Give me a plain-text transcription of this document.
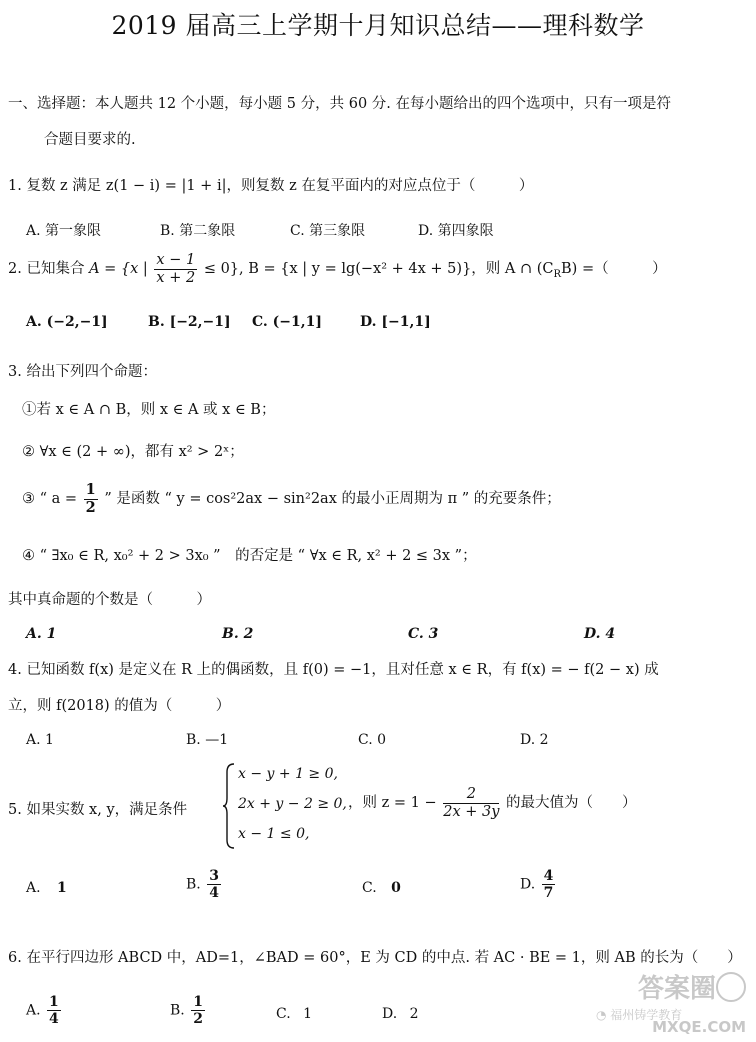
2019 届高三上学期十月知识总结——理科数学
一、选择题：本人题共 12 个小题，每小题 5 分，共 60 分. 在每小题给出的四个选项中，只有一项是符
合题目要求的.
1. 复数 z 满足 z(1 − i) = |1 + i|，则复数 z 在复平面内的对应点位于（　　　）
A. 第一象限	B. 第二象限	C. 第三象限	D. 第四象限
2. 已知集合 A = {x | $\frac{x - 1}{x + 2} \le 0$}, B = {x | y = lg(−x² + 4x + 5)}，则 A ∩ $(C_RB)$ =（　　　）
A. (−2,−1]	B. [−2,−1] C. (−1,1]	D. [−1,1]
3. 给出下列四个命题：
①若 x ∈ A ∩ B，则 x ∈ A 或 x ∈ B；
② ∀x ∈ (2 + ∞)，都有 x² > 2ˣ；
③ “ $a = \frac{1}{2}$ ” 是函数 “ y = cos²2ax − sin²2ax 的最小正周期为 π ” 的充要条件；
④ “ ∃x₀ ∈ R, x₀² + 2 > 3x₀ ”　的否定是 “ ∀x ∈ R, x² + 2 ≤ 3x ”；
其中真命题的个数是（　　　）
A. 1	B. 2	C. 3	D. 4
4. 已知函数 f(x) 是定义在 R 上的偶函数，且 f(0) = −1，且对任意 x ∈ R，有 f(x) = − f(2 − x) 成
立，则 f(2018) 的值为（　　　）
A. 1	B. —1	C. 0	D. 2
5. 如果实数 x, y，满足条件
x − y + 1 ≥ 0,
2x + y − 2 ≥ 0,
x − 1 ≤ 0,
，则 $z = 1 - \frac{2}{2x + 3y}$ 的最大值为（　　）
A. 1	B. $\frac{3}{4}$	C. 0	D. $\frac{4}{7}$
6. 在平行四边形 ABCD 中，AD=1，∠BAD = 60°，E 为 CD 的中点. 若 AC · BE = 1，则 AB 的长为（　　）
A. $\frac{1}{4}$	B. $\frac{1}{2}$	C. 1	D. 2
答案圈
◔ 福州铸学教育
MXQE.COM
